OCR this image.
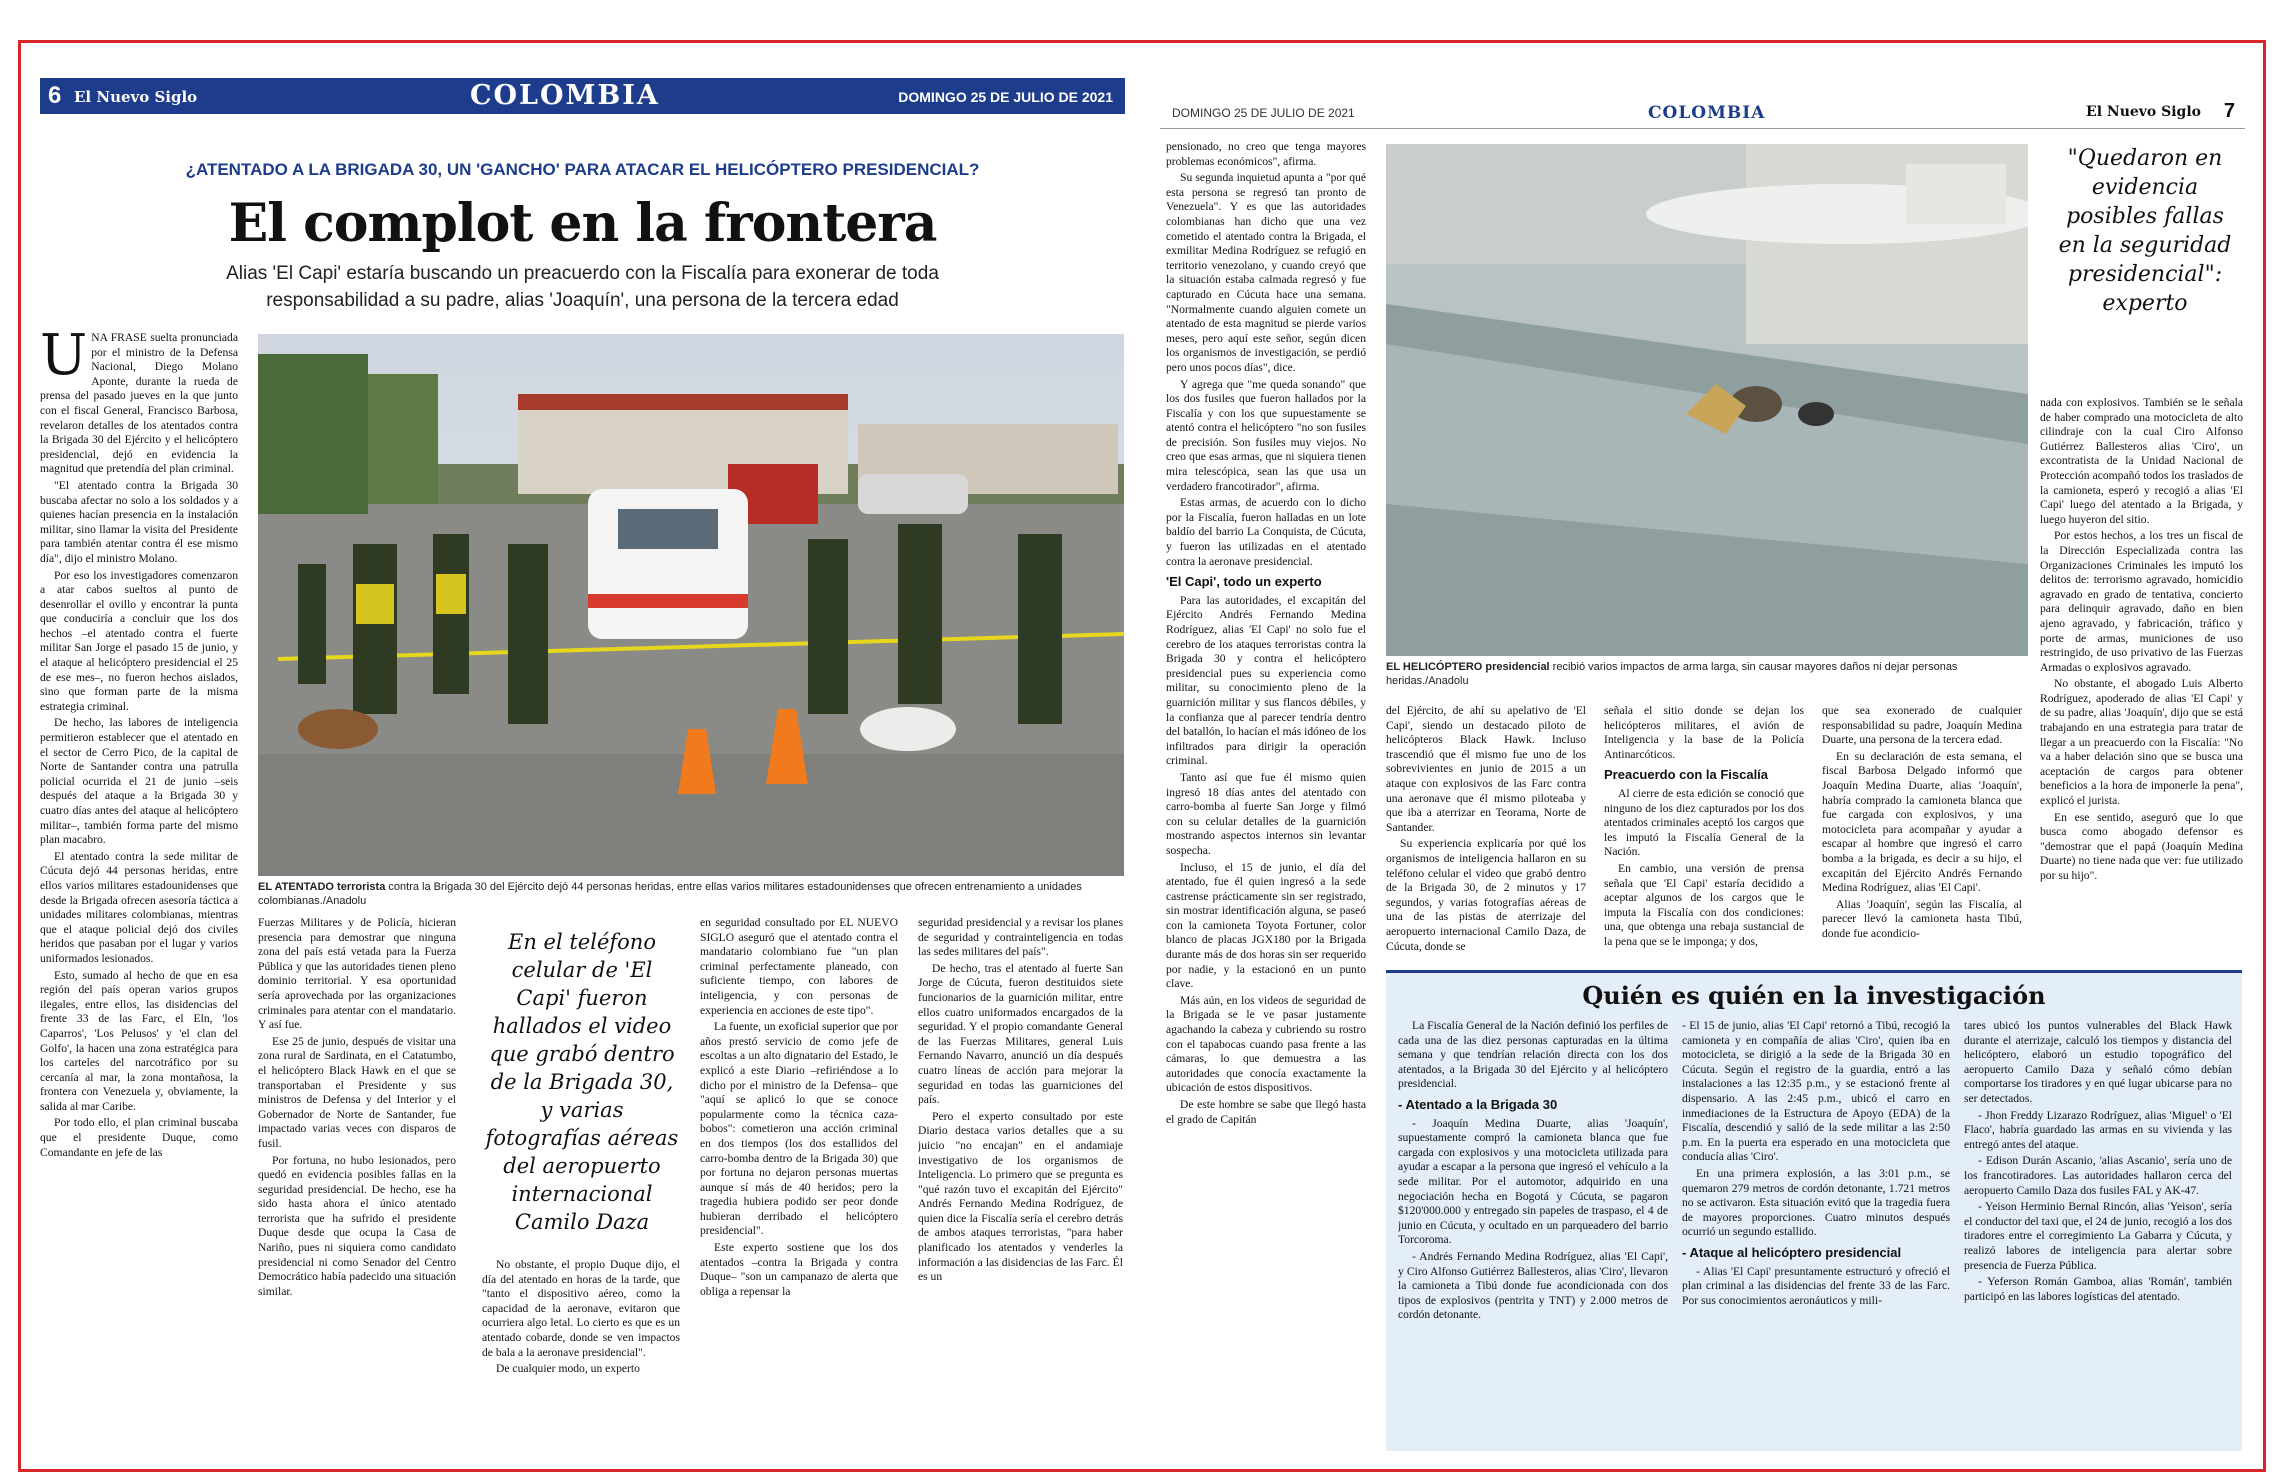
6 El Nuevo Siglo	COLOMBIA	DOMINGO 25 DE JULIO DE 2021
¿ATENTADO A LA BRIGADA 30, UN 'GANCHO' PARA ATACAR EL HELICÓPTERO PRESIDENCIAL?
El complot en la frontera
Alias 'El Capi' estaría buscando un preacuerdo con la Fiscalía para exonerar de toda responsabilidad a su padre, alias 'Joaquín', una persona de la tercera edad
U NA FRASE suelta pronunciada por el ministro de la Defensa Nacional, Diego Molano Aponte, durante la rueda de prensa del pasado jueves en la que junto con el fiscal General, Francisco Barbosa, revelaron detalles de los atentados contra la Brigada 30 del Ejército y el helicóptero presidencial, dejó en evidencia la magnitud que pretendía del plan criminal.

"El atentado contra la Brigada 30 buscaba afectar no solo a los soldados y a quienes hacían presencia en la instalación militar, sino llamar la visita del Presidente para también atentar contra él ese mismo día", dijo el ministro Molano.

Por eso los investigadores comenzaron a atar cabos sueltos al punto de desenrollar el ovillo y encontrar la punta que conduciría a concluir que los dos hechos –el atentado contra el fuerte militar San Jorge el pasado 15 de junio, y el ataque al helicóptero presidencial el 25 de ese mes–, no fueron hechos aislados, sino que forman parte de la misma estrategia criminal.

De hecho, las labores de inteligencia permitieron establecer que el atentado en el sector de Cerro Pico, de la capital de Norte de Santander contra una patrulla policial ocurrida el 21 de junio –seis después del ataque a la Brigada 30 y cuatro días antes del ataque al helicóptero militar–, también forma parte del mismo plan macabro.

El atentado contra la sede militar de Cúcuta dejó 44 personas heridas, entre ellos varios militares estadounidenses que desde la Brigada ofrecen asesoría táctica a unidades militares colombianas, mientras que el ataque policial dejó dos civiles heridos que pasaban por el lugar y varios uniformados lesionados.

Esto, sumado al hecho de que en esa región del país operan varios grupos ilegales, entre ellos, las disidencias del frente 33 de las Farc, el Eln, 'los Caparros', 'Los Pelusos' y 'el clan del Golfo', la hacen una zona estratégica para los carteles del narcotráfico por su cercanía al mar, la zona montañosa, la frontera con Venezuela y, obviamente, la salida al mar Caribe.

Por todo ello, el plan criminal buscaba que el presidente Duque, como Comandante en jefe de las

EL ATENTADO terrorista contra la Brigada 30 del Ejército dejó 44 personas heridas, entre ellas varios militares estadounidenses que ofrecen entrenamiento a unidades colombianas./Anadolu

Fuerzas Militares y de Policía, hicieran presencia para demostrar que ninguna zona del país está vetada para la Fuerza Pública y que las autoridades tienen pleno dominio territorial. Y esa oportunidad sería aprovechada por las organizaciones criminales para atentar con el mandatario. Y así fue.

Ese 25 de junio, después de visitar una zona rural de Sardinata, en el Catatumbo, el helicóptero Black Hawk en el que se transportaban el Presidente y sus ministros de Defensa y del Interior y el Gobernador de Norte de Santander, fue impactado varias veces con disparos de fusil.

Por fortuna, no hubo lesionados, pero quedó en evidencia posibles fallas en la seguridad presidencial. De hecho, ese ha sido hasta ahora el único atentado terrorista que ha sufrido el presidente Duque desde que ocupa la Casa de Nariño, pues ni siquiera como candidato presidencial ni como Senador del Centro Democrático había padecido una situación similar.

En el teléfono celular de 'El Capi' fueron hallados el video que grabó dentro de la Brigada 30, y varias fotografías aéreas del aeropuerto internacional Camilo Daza

No obstante, el propio Duque dijo, el día del atentado en horas de la tarde, que "tanto el dispositivo aéreo, como la capacidad de la aeronave, evitaron que ocurriera algo letal. Lo cierto es que es un atentado cobarde, donde se ven impactos de bala a la aeronave presidencial".

De cualquier modo, un experto

en seguridad consultado por EL NUEVO SIGLO aseguró que el atentado contra el mandatario colombiano fue "un plan criminal perfectamente planeado, con suficiente tiempo, con labores de inteligencia, y con personas de experiencia en acciones de este tipo".

La fuente, un exoficial superior que por años prestó servicio de como jefe de escoltas a un alto dignatario del Estado, le explicó a este Diario –refiriéndose a lo dicho por el ministro de la Defensa– que "aquí se aplicó lo que se conoce popularmente como la técnica caza-bobos": cometieron una acción criminal en dos tiempos (los dos estallidos del carro-bomba dentro de la Brigada 30) que por fortuna no dejaron personas muertas aunque sí más de 40 heridos; pero la tragedia hubiera podido ser peor donde hubieran derribado el helicóptero presidencial".

Este experto sostiene que los dos atentados –contra la Brigada y contra Duque– "son un campanazo de alerta que obliga a repensar la

seguridad presidencial y a revisar los planes de seguridad y contrainteligencia en todas las sedes militares del país".

De hecho, tras el atentado al fuerte San Jorge de Cúcuta, fueron destituidos siete funcionarios de la guarnición militar, entre ellos cuatro uniformados encargados de la seguridad. Y el propio comandante General de las Fuerzas Militares, general Luis Fernando Navarro, anunció un día después cuatro líneas de acción para mejorar la seguridad en todas las guarniciones del país.

Pero el experto consultado por este Diario destaca varios detalles que a su juicio "no encajan" en el andamiaje investigativo de los organismos de Inteligencia. Lo primero que se pregunta es "qué razón tuvo el excapitán del Ejército" Andrés Fernando Medina Rodríguez, de quien dice la Fiscalía sería el cerebro detrás de ambos ataques terroristas, "para haber planificado los atentados y venderles la información a las disidencias de las Farc. Él es un

DOMINGO 25 DE JULIO DE 2021	COLOMBIA	El Nuevo Siglo 7

pensionado, no creo que tenga mayores problemas económicos", afirma.

Su segunda inquietud apunta a "por qué esta persona se regresó tan pronto de Venezuela". Y es que las autoridades colombianas han dicho que una vez cometido el atentado contra la Brigada, el exmilitar Medina Rodríguez se refugió en territorio venezolano, y cuando creyó que la situación estaba calmada regresó y fue capturado en Cúcuta hace una semana. "Normalmente cuando alguien comete un atentado de esta magnitud se pierde varios meses, pero aquí este señor, según dicen los organismos de investigación, se perdió pero unos pocos días", dice.

Y agrega que "me queda sonando" que los dos fusiles que fueron hallados por la Fiscalía y con los que supuestamente se atentó contra el helicóptero "no son fusiles de precisión. Son fusiles muy viejos. No creo que esas armas, que ni siquiera tienen mira telescópica, sean las que usa un verdadero francotirador", afirma.

Estas armas, de acuerdo con lo dicho por la Fiscalía, fueron halladas en un lote baldío del barrio La Conquista, de Cúcuta, y fueron las utilizadas en el atentado contra la aeronave presidencial.

'El Capi', todo un experto

Para las autoridades, el excapitán del Ejército Andrés Fernando Medina Rodríguez, alias 'El Capi' no solo fue el cerebro de los ataques terroristas contra la Brigada 30 y contra el helicóptero presidencial pues su experiencia como militar, su conocimiento pleno de la guarnición militar y sus flancos débiles, y la confianza que al parecer tendría dentro del batallón, lo hacían el más idóneo de los infiltrados para dirigir la operación criminal.

Tanto así que fue él mismo quien ingresó 18 días antes del atentado con carro-bomba al fuerte San Jorge y filmó con su celular detalles de la guarnición mostrando aspectos internos sin levantar sospecha.

Incluso, el 15 de junio, el día del atentado, fue él quien ingresó a la sede castrense prácticamente sin ser registrado, sin mostrar identificación alguna, se paseó con la camioneta Toyota Fortuner, color blanco de placas JGX180 por la Brigada durante más de dos horas sin ser requerido por nadie, y la estacionó en un punto clave.

Más aún, en los videos de seguridad de la Brigada se le ve pasar justamente agachando la cabeza y cubriendo su rostro con el tapabocas cuando pasa frente a las cámaras, lo que demuestra a las autoridades que conocía exactamente la ubicación de estos dispositivos.

De este hombre se sabe que llegó hasta el grado de Capitán

EL HELICÓPTERO presidencial recibió varios impactos de arma larga, sin causar mayores daños ni dejar personas heridas./Anadolu
"Quedaron en evidencia posibles fallas en la seguridad presidencial": experto

nada con explosivos. También se le señala de haber comprado una motocicleta de alto cilindraje con la cual Ciro Alfonso Gutiérrez Ballesteros alias 'Ciro', un excontratista de la Unidad Nacional de Protección acompañó todos los traslados de la camioneta, esperó y recogió a alias 'El Capi' luego del atentado a la Brigada, y luego huyeron del sitio.

Por estos hechos, a los tres un fiscal de la Dirección Especializada contra las Organizaciones Criminales les imputó los delitos de: terrorismo agravado, homicidio agravado en grado de tentativa, concierto para delinquir agravado, daño en bien ajeno agravado, y fabricación, tráfico y porte de armas, municiones de uso restringido, de uso privativo de las Fuerzas Armadas o explosivos agravado.

No obstante, el abogado Luis Alberto Rodríguez, apoderado de alias 'El Capi' y de su padre, alias 'Joaquín', dijo que se está trabajando en una estrategia para tratar de llegar a un preacuerdo con la Fiscalía: "No va a haber delación sino que se busca una aceptación de cargos para obtener beneficios a la hora de imponerle la pena", explicó el jurista.

En ese sentido, aseguró que lo que busca como abogado defensor es "demostrar que el papá (Joaquín Medina Duarte) no tiene nada que ver: fue utilizado por su hijo".

del Ejército, de ahí su apelativo de 'El Capi', siendo un destacado piloto de helicópteros Black Hawk. Incluso trascendió que él mismo fue uno de los sobrevivientes en junio de 2015 a un ataque con explosivos de las Farc contra una aeronave que él mismo piloteaba y que iba a aterrizar en Teorama, Norte de Santander.

Su experiencia explicaría por qué los organismos de inteligencia hallaron en su teléfono celular el video que grabó dentro de la Brigada 30, de 2 minutos y 17 segundos, y varias fotografías aéreas de una de las pistas de aterrizaje del aeropuerto internacional Camilo Daza, de Cúcuta, donde se

señala el sitio donde se dejan los helicópteros militares, el avión de Inteligencia y la base de la Policía Antinarcóticos.

Preacuerdo con la Fiscalía

Al cierre de esta edición se conoció que ninguno de los diez capturados por los dos atentados criminales aceptó los cargos que les imputó la Fiscalía General de la Nación.

En cambio, una versión de prensa señala que 'El Capi' estaría decidido a aceptar algunos de los cargos que le imputa la Fiscalía con dos condiciones: una, que obtenga una rebaja sustancial de la pena que se le imponga; y dos,

que sea exonerado de cualquier responsabilidad su padre, Joaquín Medina Duarte, una persona de la tercera edad.

En su declaración de esta semana, el fiscal Barbosa Delgado informó que Joaquín Medina Duarte, alias 'Joaquín', habría comprado la camioneta blanca que fue cargada con explosivos, y una motocicleta para acompañar y ayudar a escapar al hombre que ingresó el carro bomba a la brigada, es decir a su hijo, el excapitán del Ejército Andrés Fernando Medina Rodríguez, alias 'El Capi'.

Alias 'Joaquín', según las Fiscalía, al parecer llevó la camioneta hasta Tibú, donde fue acondicio-

Quién es quién en la investigación

La Fiscalía General de la Nación definió los perfiles de cada una de las diez personas capturadas en la última semana y que tendrían relación directa con los dos atentados, a la Brigada 30 del Ejército y al helicóptero presidencial.

- Atentado a la Brigada 30

- Joaquín Medina Duarte, alias 'Joaquín', supuestamente compró la camioneta blanca que fue cargada con explosivos y una motocicleta utilizada para ayudar a escapar a la persona que ingresó el vehículo a la sede militar. Por el automotor, adquirido en una negociación hecha en Bogotá y Cúcuta, se pagaron $120'000.000 y entregado sin papeles de traspaso, el 4 de junio en Cúcuta, y ocultado en un parqueadero del barrio Torcoroma.

- Andrés Fernando Medina Rodríguez, alias 'El Capi', y Ciro Alfonso Gutiérrez Ballesteros, alias 'Ciro', llevaron la camioneta a Tibú donde fue acondicionada con dos tipos de explosivos (pentrita y TNT) y 2.000 metros de cordón detonante.

- El 15 de junio, alias 'El Capi' retornó a Tibú, recogió la camioneta y en compañía de alias 'Ciro', quien iba en motocicleta, se dirigió a la sede de la Brigada 30 en Cúcuta. Según el registro de la guardia, entró a las instalaciones a las 12:35 p.m., y se estacionó frente al dispensario. A las 2:45 p.m., ubicó el carro en inmediaciones de la Estructura de Apoyo (EDA) de la Fiscalía, descendió y salió de la sede militar a las 2:50 p.m. En la puerta era esperado en una motocicleta que conducía alias 'Ciro'.

En una primera explosión, a las 3:01 p.m., se quemaron 279 metros de cordón detonante, 1.721 metros no se activaron. Esta situación evitó que la tragedia fuera de mayores proporciones. Cuatro minutos después ocurrió un segundo estallido.

- Ataque al helicóptero presidencial

- Alias 'El Capi' presuntamente estructuró y ofreció el plan criminal a las disidencias del frente 33 de las Farc. Por sus conocimientos aeronáuticos y mili-

tares ubicó los puntos vulnerables del Black Hawk durante el aterrizaje, calculó los tiempos y distancia del helicóptero, elaboró un estudio topográfico del aeropuerto Camilo Daza y señaló cómo debían comportarse los tiradores y en qué lugar ubicarse para no ser detectados.

- Jhon Freddy Lizarazo Rodríguez, alias 'Miguel' o 'El Flaco', habría guardado las armas en su vivienda y las entregó antes del ataque.

- Edison Durán Ascanio, 'alias Ascanio', sería uno de los francotiradores. Las autoridades hallaron cerca del aeropuerto Camilo Daza dos fusiles FAL y AK-47.

- Yeison Herminio Bernal Rincón, alias 'Yeison', sería el conductor del taxi que, el 24 de junio, recogió a los dos tiradores entre el corregimiento La Gabarra y Cúcuta, y realizó labores de inteligencia para alertar sobre presencia de Fuerza Pública.

- Yeferson Román Gamboa, alias 'Román', también participó en las labores logísticas del atentado.
